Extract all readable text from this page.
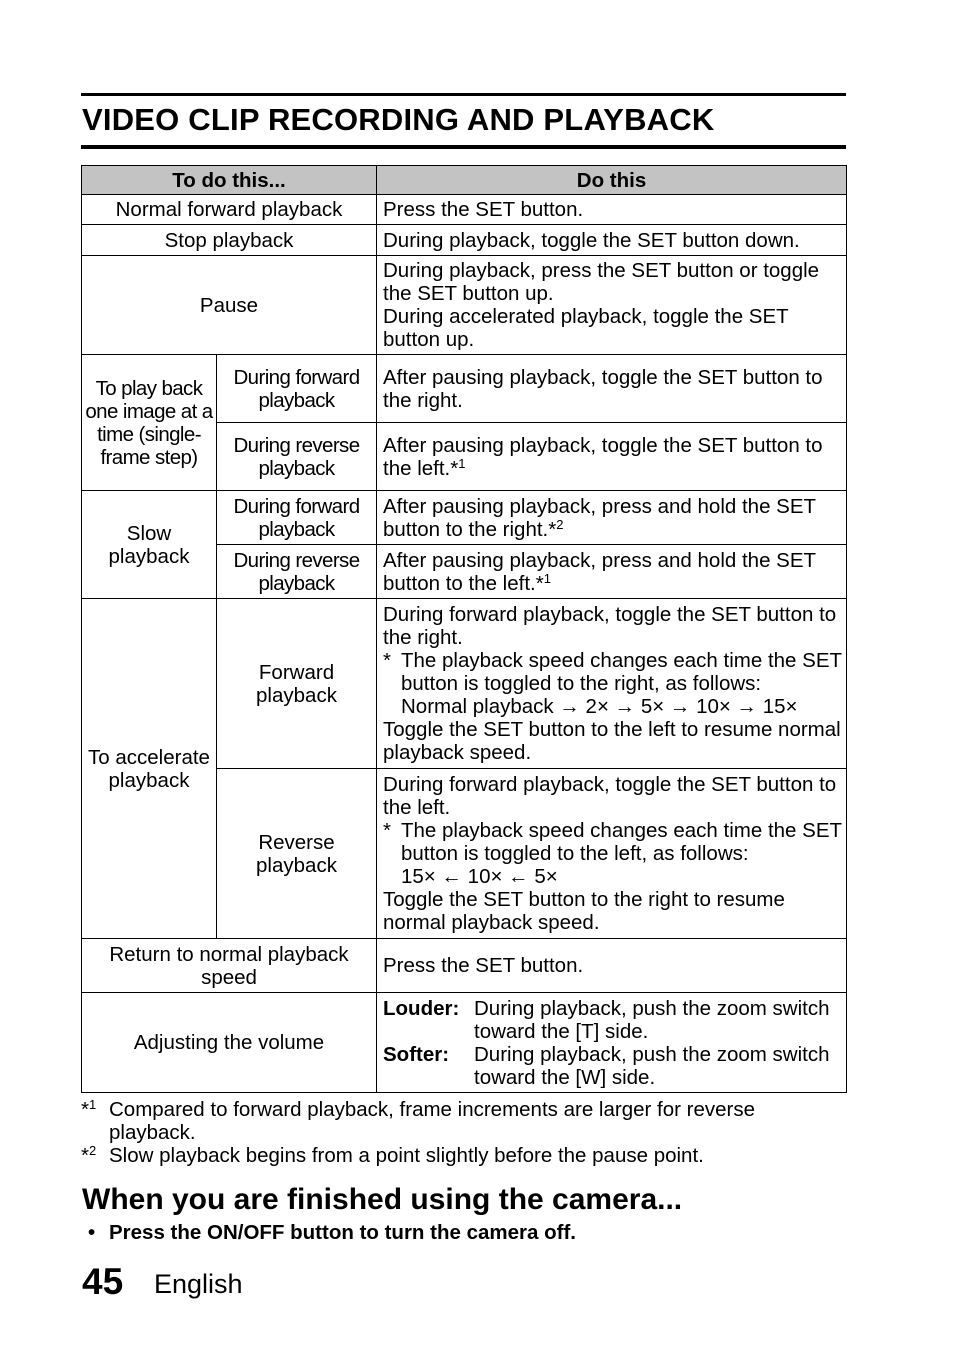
VIDEO CLIP RECORDING AND PLAYBACK
To do this...		Do this
Normal forward playback		Press the SET button.
Stop playback		During playback, toggle the SET button down.
Pause		During playback, press the SET button or toggle the SET button up.
During accelerated playback, toggle the SET button up.

To play back one image at a time (single-frame step)	During forward playback	After pausing playback, toggle the SET button to the right.
	During reverse playback	After pausing playback, toggle the SET button to the left.*$^1$
Slow playback	During forward playback	After pausing playback, press and hold the SET button to the right.*$^2$
	During reverse playback	After pausing playback, press and hold the SET button to the left.*$^1$
To accelerate playback	Forward playback	During forward playback, toggle the SET button to the right.
* The playback speed changes each time the SET button is toggled to the right, as follows:
Normal playback → 2× → 5× → 10× → 15×
Toggle the SET button to the left to resume normal playback speed.

	Reverse playback	During forward playback, toggle the SET button to the left.
* The playback speed changes each time the SET button is toggled to the left, as follows:
15× ← 10× ← 5×
Toggle the SET button to the right to resume normal playback speed.

Return to normal playback speed		Press the SET button.
Adjusting the volume		Louder: During playback, push the zoom switch toward the [T] side.
Softer: During playback, push the zoom switch toward the [W] side.
*$^1$ Compared to forward playback, frame increments are larger for reverse playback.
*$^2$ Slow playback begins from a point slightly before the pause point.
When you are finished using the camera...
• Press the ON/OFF button to turn the camera off.
45 English
